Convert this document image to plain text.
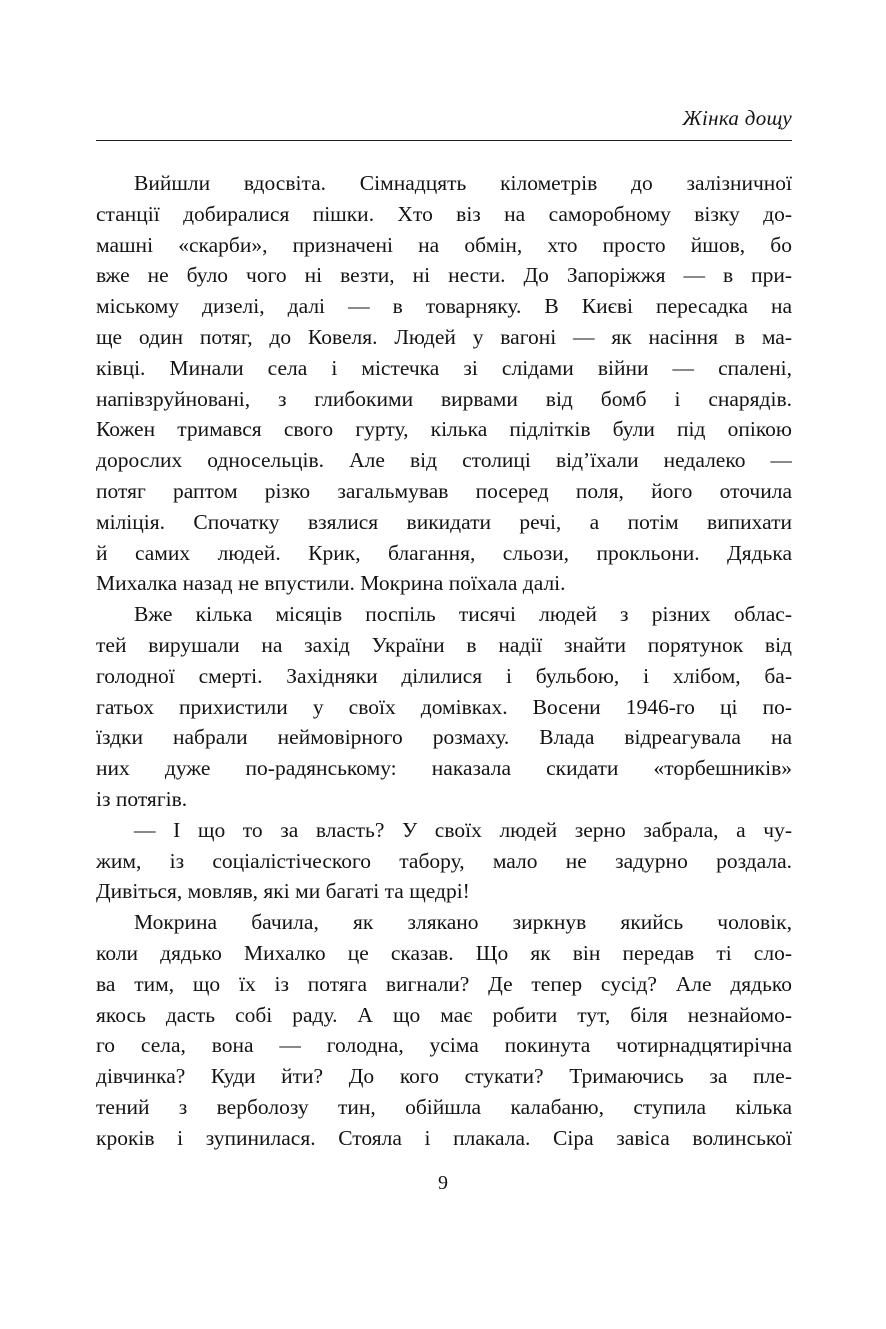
Жінка дощу
Вийшли вдосвіта. Сімнадцять кілометрів до залізничної
станції добиралися пішки. Хто віз на саморобному візку до-
машні «скарби», призначені на обмін, хто просто йшов, бо
вже не було чого ні везти, ні нести. До Запоріжжя — в при-
міському дизелі, далі — в товарняку. В Києві пересадка на
ще один потяг, до Ковеля. Людей у вагоні — як насіння в ма-
ківці. Минали села і містечка зі слідами війни — спалені,
напівзруйновані, з глибокими вирвами від бомб і снарядів.
Кожен тримався свого гурту, кілька підлітків були під опікою
дорослих односельців. Але від столиці від’їхали недалеко —
потяг раптом різко загальмував посеред поля, його оточила
міліція. Спочатку взялися викидати речі, а потім випихати
й самих людей. Крик, благання, сльози, прокльони. Дядька
Михалка назад не впустили. Мокрина поїхала далі.
Вже кілька місяців поспіль тисячі людей з різних облас-
тей вирушали на захід України в надії знайти порятунок від
голодної смерті. Західняки ділилися і бульбою, і хлібом, ба-
гатьох прихистили у своїх домівках. Восени 1946-го ці по-
їздки набрали неймовірного розмаху. Влада відреагувала на
них дуже по-радянському: наказала скидати «торбешників»
із потягів.
— І що то за власть? У своїх людей зерно забрала, а чу-
жим, із соціалістіческого табору, мало не задурно роздала.
Дивіться, мовляв, які ми багаті та щедрі!
Мокрина бачила, як злякано зиркнув якийсь чоловік,
коли дядько Михалко це сказав. Що як він передав ті сло-
ва тим, що їх із потяга вигнали? Де тепер сусід? Але дядько
якось дасть собі раду. А що має робити тут, біля незнайомо-
го села, вона — голодна, усіма покинута чотирнадцятирічна
дівчинка? Куди йти? До кого стукати? Тримаючись за пле-
тений з верболозу тин, обійшла калабаню, ступила кілька
кроків і зупинилася. Стояла і плакала. Сіра завіса волинської
9
